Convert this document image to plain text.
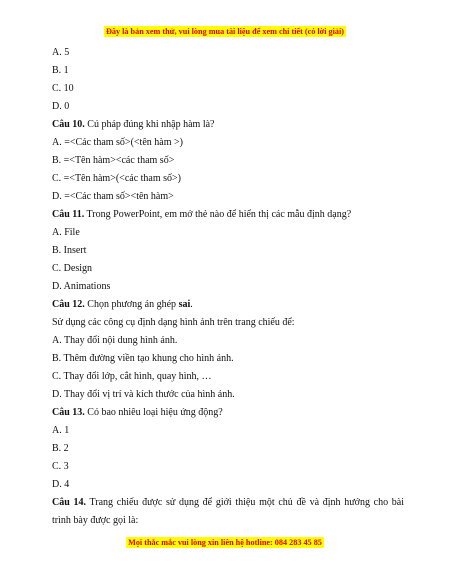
Đây là bản xem thử, vui lòng mua tài liệu để xem chi tiết (có lời giải)
A. 5
B. 1
C. 10
D. 0
Câu 10. Cú pháp đúng khi nhập hàm là?
A. =<Các tham số>(<tên hàm >)
B. =<Tên hàm><các tham số>
C. =<Tên hàm>(<các tham số>)
D. =<Các tham số><tên hàm>
Câu 11. Trong PowerPoint, em mở thẻ nào để hiển thị các mẫu định dạng?
A. File
B. Insert
C. Design
D. Animations
Câu 12. Chọn phương án ghép sai.
Sử dụng các công cụ định dạng hình ảnh trên trang chiếu để:
A. Thay đổi nội dung hình ảnh.
B. Thêm đường viền tạo khung cho hình ảnh.
C. Thay đổi lớp, cắt hình, quay hình, …
D. Thay đổi vị trí và kích thước của hình ảnh.
Câu 13. Có bao nhiêu loại hiệu ứng động?
A. 1
B. 2
C. 3
D. 4
Câu 14. Trang chiếu được sử dụng để giới thiệu một chủ đề và định hướng cho bài trình bày được gọi là:
Mọi thắc mắc vui lòng xin liên hệ hotline: 084 283 45 85
